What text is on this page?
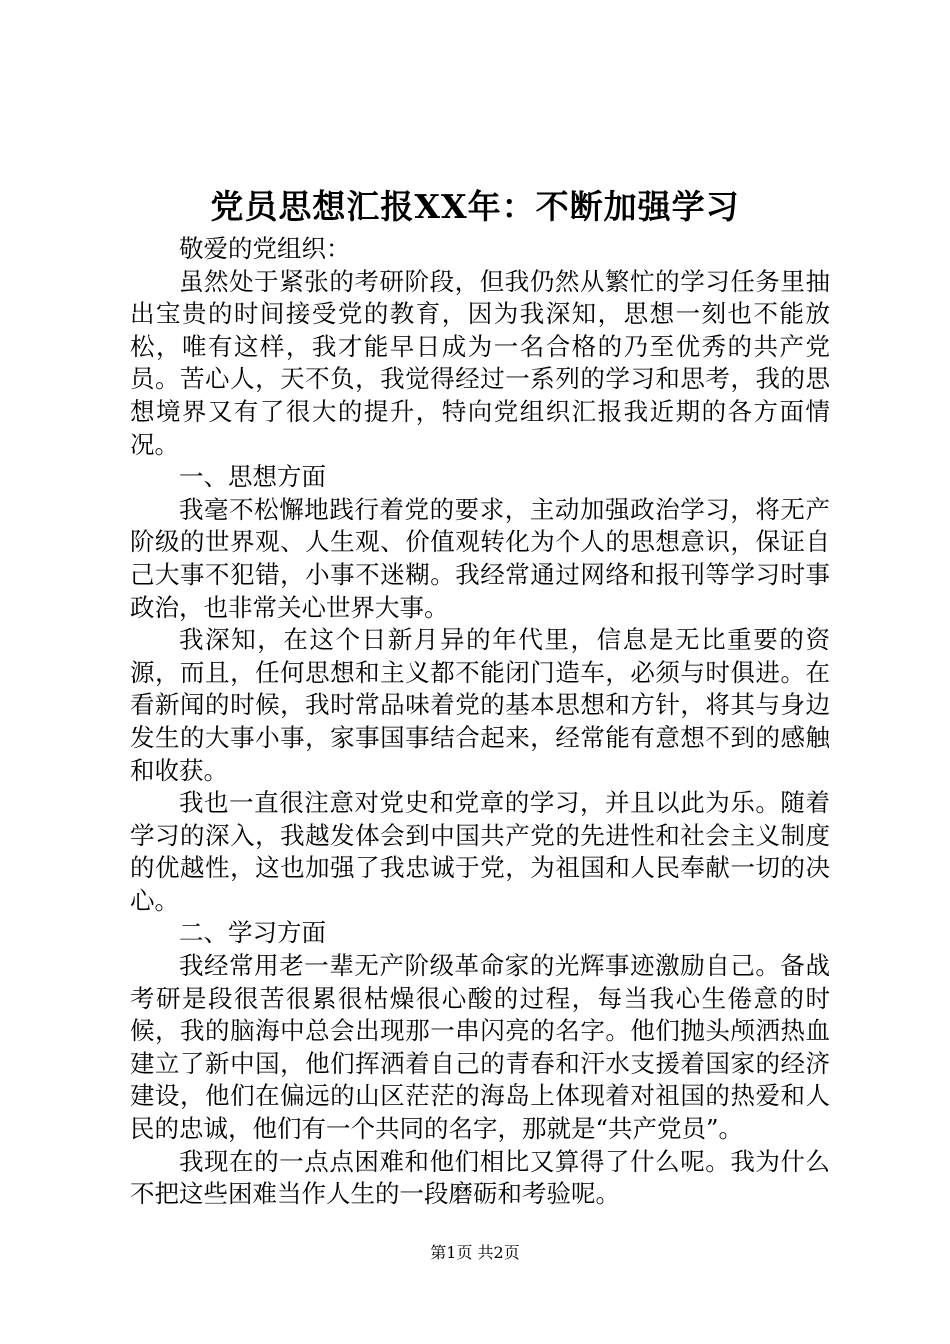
党员思想汇报XX年：不断加强学习

敬爱的党组织：

虽然处于紧张的考研阶段，但我仍然从繁忙的学习任务里抽出宝贵的时间接受党的教育，因为我深知，思想一刻也不能放松，唯有这样，我才能早日成为一名合格的乃至优秀的共产党员。苦心人，天不负，我觉得经过一系列的学习和思考，我的思想境界又有了很大的提升，特向党组织汇报我近期的各方面情况。

一、思想方面

我毫不松懈地践行着党的要求，主动加强政治学习，将无产阶级的世界观、人生观、价值观转化为个人的思想意识，保证自己大事不犯错，小事不迷糊。我经常通过网络和报刊等学习时事政治，也非常关心世界大事。

我深知，在这个日新月异的年代里，信息是无比重要的资源，而且，任何思想和主义都不能闭门造车，必须与时俱进。在看新闻的时候，我时常品味着党的基本思想和方针，将其与身边发生的大事小事，家事国事结合起来，经常能有意想不到的感触和收获。

我也一直很注意对党史和党章的学习，并且以此为乐。随着学习的深入，我越发体会到中国共产党的先进性和社会主义制度的优越性，这也加强了我忠诚于党，为祖国和人民奉献一切的决心。

二、学习方面

我经常用老一辈无产阶级革命家的光辉事迹激励自己。备战考研是段很苦很累很枯燥很心酸的过程，每当我心生倦意的时候，我的脑海中总会出现那一串闪亮的名字。他们抛头颅洒热血建立了新中国，他们挥洒着自己的青春和汗水支援着国家的经济建设，他们在偏远的山区茫茫的海岛上体现着对祖国的热爱和人民的忠诚，他们有一个共同的名字，那就是“共产党员”。

我现在的一点点困难和他们相比又算得了什么呢。我为什么不把这些困难当作人生的一段磨砺和考验呢。

第1页 共2页
